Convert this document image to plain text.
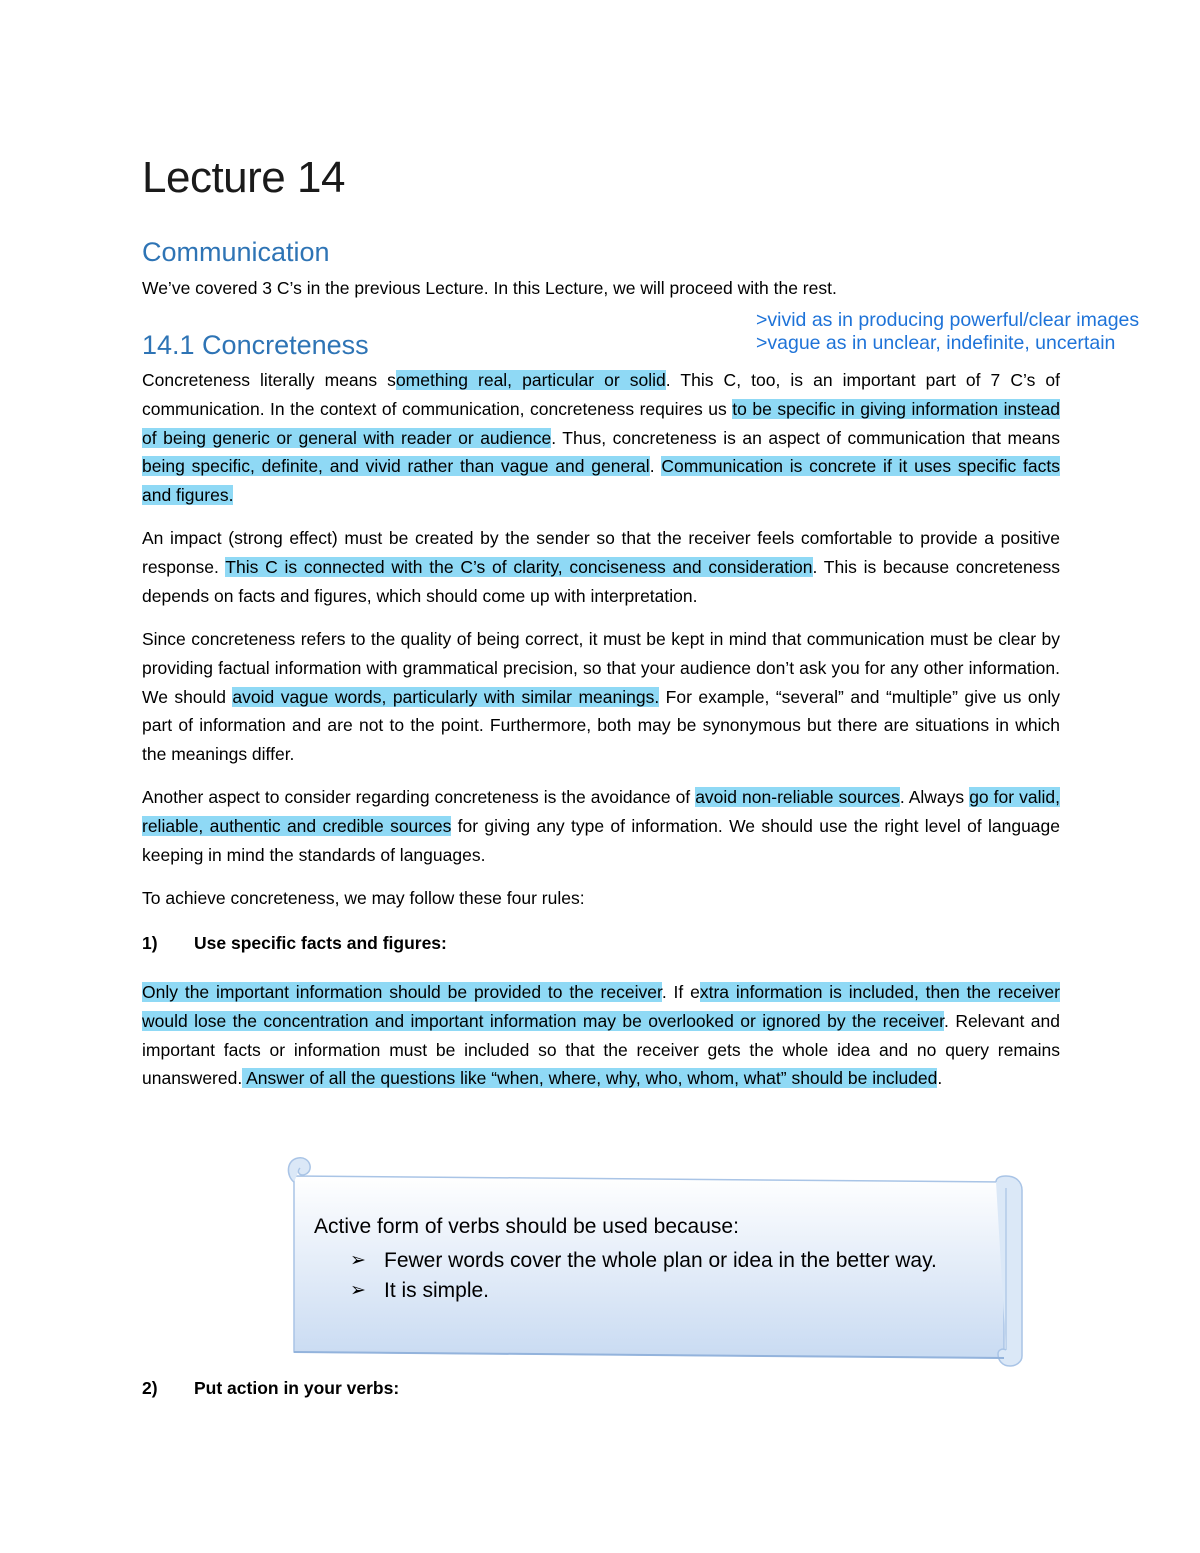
Lecture 14
Communication

We’ve covered 3 C’s in the previous Lecture. In this Lecture, we will proceed with the rest.

14.1 Concreteness
>vivid as in producing powerful/clear images
>vague as in unclear, indefinite, uncertain

Concreteness literally means something real, particular or solid. This C, too, is an important part of 7 C’s of communication. In the context of communication, concreteness requires us to be specific in giving information instead of being generic or general with reader or audience. Thus, concreteness is an aspect of communication that means being specific, definite, and vivid rather than vague and general. Communication is concrete if it uses specific facts and figures.

An impact (strong effect) must be created by the sender so that the receiver feels comfortable to provide a positive response. This C is connected with the C’s of clarity, conciseness and consideration. This is because concreteness depends on facts and figures, which should come up with interpretation.

Since concreteness refers to the quality of being correct, it must be kept in mind that communication must be clear by providing factual information with grammatical precision, so that your audience don’t ask you for any other information. We should avoid vague words, particularly with similar meanings. For example, “several” and “multiple” give us only part of information and are not to the point. Furthermore, both may be synonymous but there are situations in which the meanings differ.

Another aspect to consider regarding concreteness is the avoidance of avoid non-reliable sources. Always go for valid, reliable, authentic and credible sources for giving any type of information. We should use the right level of language keeping in mind the standards of languages.

To achieve concreteness, we may follow these four rules:

1) Use specific facts and figures:

Only the important information should be provided to the receiver. If extra information is included, then the receiver would lose the concentration and important information may be overlooked or ignored by the receiver. Relevant and important facts or information must be included so that the receiver gets the whole idea and no query remains unanswered. Answer of all the questions like “when, where, why, who, whom, what” should be included.

Active form of verbs should be used because:
➢ Fewer words cover the whole plan or idea in the better way.
➢ It is simple.
2) Put action in your verbs:
